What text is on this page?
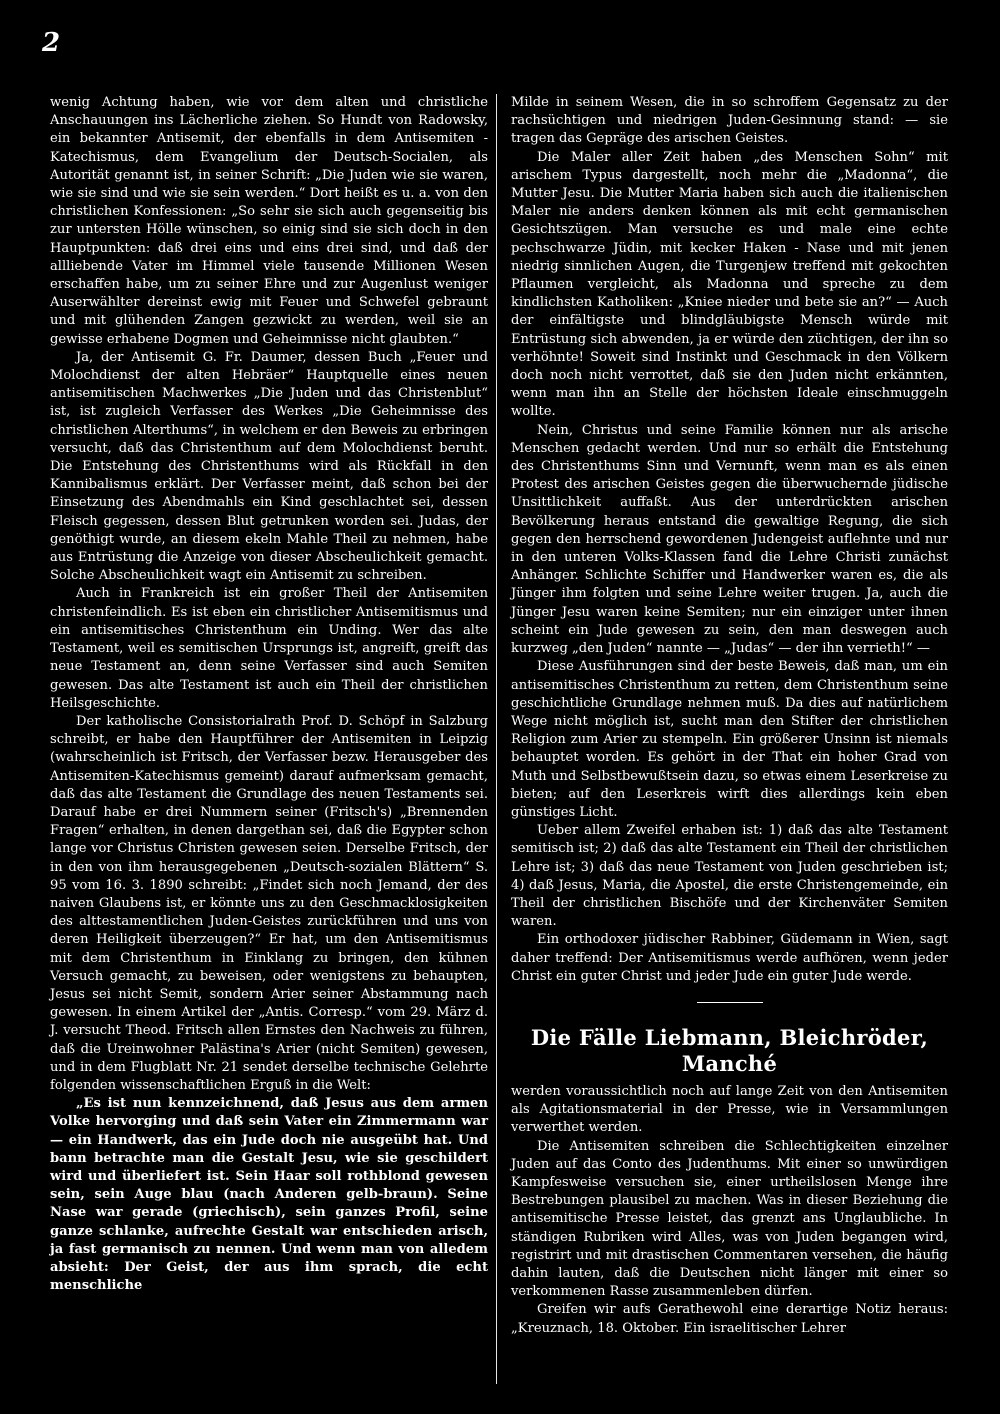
2

wenig Achtung haben, wie vor dem alten und christliche Anschauungen ins Lächerliche ziehen. So Hundt von Radowsky, ein bekannter Antisemit, der ebenfalls in dem Antisemiten - Katechismus, dem Evangelium der Deutsch-Socialen, als Autorität genannt ist, in seiner Schrift: „Die Juden wie sie waren, wie sie sind und wie sie sein werden.“ Dort heißt es u. a. von den christlichen Konfessionen: „So sehr sie sich auch gegenseitig bis zur untersten Hölle wünschen, so einig sind sie sich doch in den Hauptpunkten: daß drei eins und eins drei sind, und daß der allliebende Vater im Himmel viele tausende Millionen Wesen erschaffen habe, um zu seiner Ehre und zur Augenlust weniger Auserwählter dereinst ewig mit Feuer und Schwefel gebraunt und mit glühenden Zangen gezwickt zu werden, weil sie an gewisse erhabene Dogmen und Geheimnisse nicht glaubten.“

Ja, der Antisemit G. Fr. Daumer, dessen Buch „Feuer und Molochdienst der alten Hebräer“ Hauptquelle eines neuen antisemitischen Machwerkes „Die Juden und das Christenblut“ ist, ist zugleich Verfasser des Werkes „Die Geheimnisse des christlichen Alterthums“, in welchem er den Beweis zu erbringen versucht, daß das Christenthum auf dem Molochdienst beruht. Die Entstehung des Christenthums wird als Rückfall in den Kannibalismus erklärt. Der Verfasser meint, daß schon bei der Einsetzung des Abendmahls ein Kind geschlachtet sei, dessen Fleisch gegessen, dessen Blut getrunken worden sei. Judas, der genöthigt wurde, an diesem ekeln Mahle Theil zu nehmen, habe aus Entrüstung die Anzeige von dieser Abscheulichkeit gemacht. Solche Abscheulichkeit wagt ein Antisemit zu schreiben.

Auch in Frankreich ist ein großer Theil der Antisemiten christenfeindlich. Es ist eben ein christlicher Antisemitismus und ein antisemitisches Christenthum ein Unding. Wer das alte Testament, weil es semitischen Ursprungs ist, angreift, greift das neue Testament an, denn seine Verfasser sind auch Semiten gewesen. Das alte Testament ist auch ein Theil der christlichen Heilsgeschichte.

Der katholische Consistorialrath Prof. D. Schöpf in Salzburg schreibt, er habe den Hauptführer der Antisemiten in Leipzig (wahrscheinlich ist Fritsch, der Verfasser bezw. Herausgeber des Antisemiten-Katechismus gemeint) darauf aufmerksam gemacht, daß das alte Testament die Grundlage des neuen Testaments sei. Darauf habe er drei Nummern seiner (Fritsch's) „Brennenden Fragen“ erhalten, in denen dargethan sei, daß die Egypter schon lange vor Christus Christen gewesen seien. Derselbe Fritsch, der in den von ihm herausgegebenen „Deutsch-sozialen Blättern“ S. 95 vom 16. 3. 1890 schreibt: „Findet sich noch Jemand, der des naiven Glaubens ist, er könnte uns zu den Geschmacklosigkeiten des alttestamentlichen Juden-Geistes zurückführen und uns von deren Heiligkeit überzeugen?“ Er hat, um den Antisemitismus mit dem Christenthum in Einklang zu bringen, den kühnen Versuch gemacht, zu beweisen, oder wenigstens zu behaupten, Jesus sei nicht Semit, sondern Arier seiner Abstammung nach gewesen. In einem Artikel der „Antis. Corresp.“ vom 29. März d. J. versucht Theod. Fritsch allen Ernstes den Nachweis zu führen, daß die Ureinwohner Palästina's Arier (nicht Semiten) gewesen, und in dem Flugblatt Nr. 21 sendet derselbe technische Gelehrte folgenden wissenschaftlichen Erguß in die Welt:

„Es ist nun kennzeichnend, daß Jesus aus dem armen Volke hervorging und daß sein Vater ein Zimmermann war — ein Handwerk, das ein Jude doch nie ausgeübt hat. Und bann betrachte man die Gestalt Jesu, wie sie geschildert wird und überliefert ist. Sein Haar soll rothblond gewesen sein, sein Auge blau (nach Anderen gelb-braun). Seine Nase war gerade (griechisch), sein ganzes Profil, seine ganze schlanke, aufrechte Gestalt war entschieden arisch, ja fast germanisch zu nennen. Und wenn man von alledem absieht: Der Geist, der aus ihm sprach, die echt menschliche

Milde in seinem Wesen, die in so schroffem Gegensatz zu der rachsüchtigen und niedrigen Juden-Gesinnung stand: — sie tragen das Gepräge des arischen Geistes.

Die Maler aller Zeit haben „des Menschen Sohn“ mit arischem Typus dargestellt, noch mehr die „Madonna“, die Mutter Jesu. Die Mutter Maria haben sich auch die italienischen Maler nie anders denken können als mit echt germanischen Gesichtszügen. Man versuche es und male eine echte pechschwarze Jüdin, mit kecker Haken - Nase und mit jenen niedrig sinnlichen Augen, die Turgenjew treffend mit gekochten Pflaumen vergleicht, als Madonna und spreche zu dem kindlichsten Katholiken: „Kniee nieder und bete sie an?“ — Auch der einfältigste und blindgläubigste Mensch würde mit Entrüstung sich abwenden, ja er würde den züchtigen, der ihn so verhöhnte! Soweit sind Instinkt und Geschmack in den Völkern doch noch nicht verrottet, daß sie den Juden nicht erkännten, wenn man ihn an Stelle der höchsten Ideale einschmuggeln wollte.

Nein, Christus und seine Familie können nur als arische Menschen gedacht werden. Und nur so erhält die Entstehung des Christenthums Sinn und Vernunft, wenn man es als einen Protest des arischen Geistes gegen die überwuchernde jüdische Unsittlichkeit auffaßt. Aus der unterdrückten arischen Bevölkerung heraus entstand die gewaltige Regung, die sich gegen den herrschend gewordenen Judengeist auflehnte und nur in den unteren Volks-Klassen fand die Lehre Christi zunächst Anhänger. Schlichte Schiffer und Handwerker waren es, die als Jünger ihm folgten und seine Lehre weiter trugen. Ja, auch die Jünger Jesu waren keine Semiten; nur ein einziger unter ihnen scheint ein Jude gewesen zu sein, den man deswegen auch kurzweg „den Juden“ nannte — „Judas“ — der ihn verrieth!“ —

Diese Ausführungen sind der beste Beweis, daß man, um ein antisemitisches Christenthum zu retten, dem Christenthum seine geschichtliche Grundlage nehmen muß. Da dies auf natürlichem Wege nicht möglich ist, sucht man den Stifter der christlichen Religion zum Arier zu stempeln. Ein größerer Unsinn ist niemals behauptet worden. Es gehört in der That ein hoher Grad von Muth und Selbstbewußtsein dazu, so etwas einem Leserkreise zu bieten; auf den Leserkreis wirft dies allerdings kein eben günstiges Licht.

Ueber allem Zweifel erhaben ist: 1) daß das alte Testament semitisch ist; 2) daß das alte Testament ein Theil der christlichen Lehre ist; 3) daß das neue Testament von Juden geschrieben ist; 4) daß Jesus, Maria, die Apostel, die erste Christengemeinde, ein Theil der christlichen Bischöfe und der Kirchenväter Semiten waren.

Ein orthodoxer jüdischer Rabbiner, Güdemann in Wien, sagt daher treffend: Der Antisemitismus werde aufhören, wenn jeder Christ ein guter Christ und jeder Jude ein guter Jude werde.

Die Fälle Liebmann, Bleichröder, Manché

werden voraussichtlich noch auf lange Zeit von den Antisemiten als Agitationsmaterial in der Presse, wie in Versammlungen verwerthet werden.

Die Antisemiten schreiben die Schlechtigkeiten einzelner Juden auf das Conto des Judenthums. Mit einer so unwürdigen Kampfesweise versuchen sie, einer urtheilslosen Menge ihre Bestrebungen plausibel zu machen. Was in dieser Beziehung die antisemitische Presse leistet, das grenzt ans Unglaubliche. In ständigen Rubriken wird Alles, was von Juden begangen wird, registrirt und mit drastischen Commentaren versehen, die häufig dahin lauten, daß die Deutschen nicht länger mit einer so verkommenen Rasse zusammenleben dürfen.

Greifen wir aufs Gerathewohl eine derartige Notiz heraus: „Kreuznach, 18. Oktober. Ein israelitischer Lehrer
